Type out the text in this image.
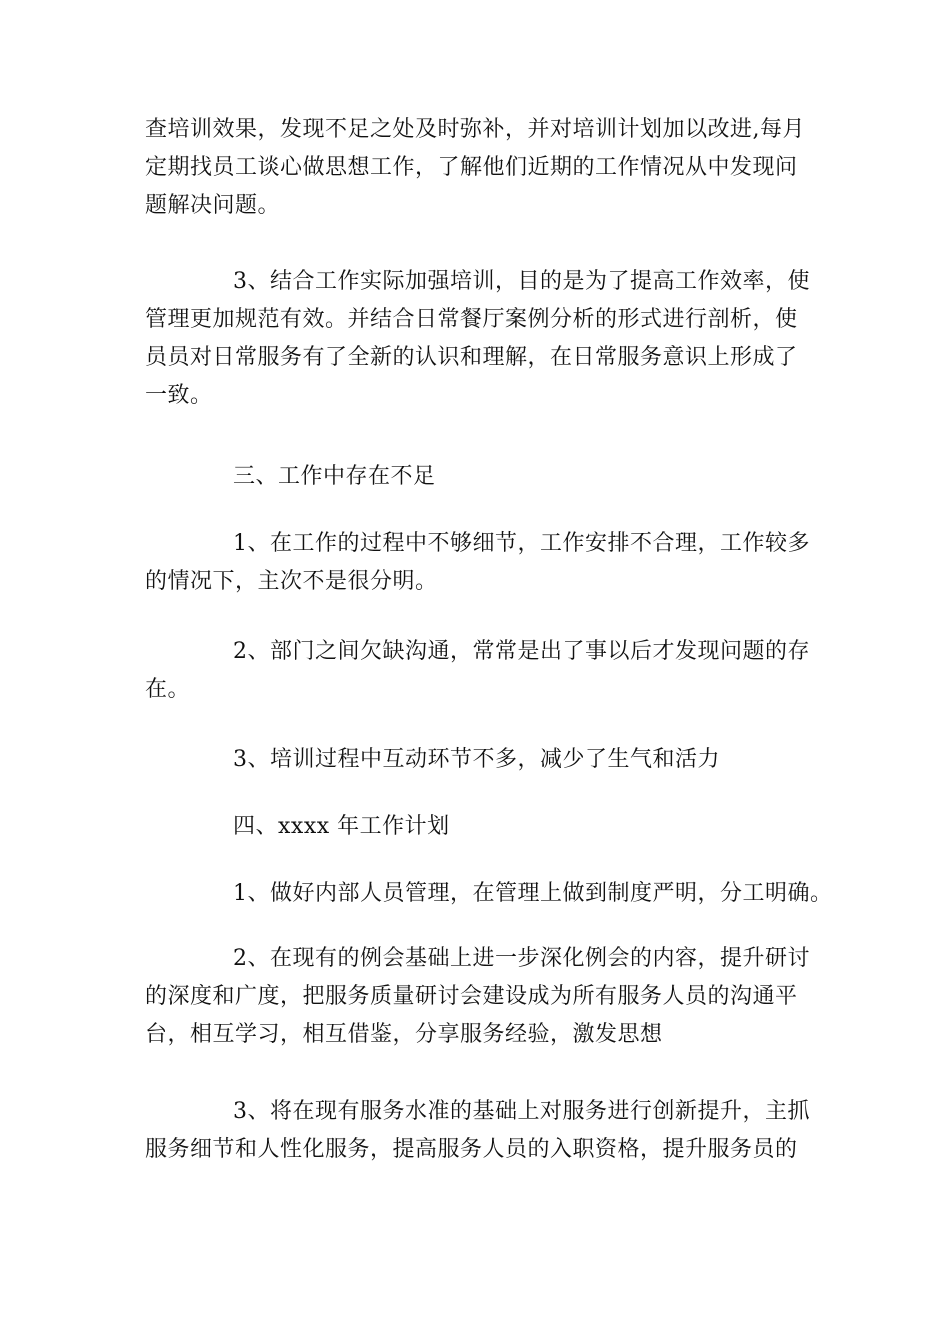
查培训效果，发现不足之处及时弥补，并对培训计划加以改进,每月
定期找员工谈心做思想工作，了解他们近期的工作情况从中发现问
题解决问题。
3、结合工作实际加强培训，目的是为了提高工作效率，使
管理更加规范有效。并结合日常餐厅案例分析的形式进行剖析，使
员员对日常服务有了全新的认识和理解，在日常服务意识上形成了
一致。
三、工作中存在不足
1、在工作的过程中不够细节，工作安排不合理，工作较多
的情况下，主次不是很分明。
2、部门之间欠缺沟通，常常是出了事以后才发现问题的存
在。
3、培训过程中互动环节不多，减少了生气和活力
四、xxxx 年工作计划
1、做好内部人员管理，在管理上做到制度严明，分工明确。
2、在现有的例会基础上进一步深化例会的内容，提升研讨
的深度和广度，把服务质量研讨会建设成为所有服务人员的沟通平
台，相互学习，相互借鉴，分享服务经验，激发思想
3、将在现有服务水准的基础上对服务进行创新提升，主抓
服务细节和人性化服务，提高服务人员的入职资格，提升服务员的
